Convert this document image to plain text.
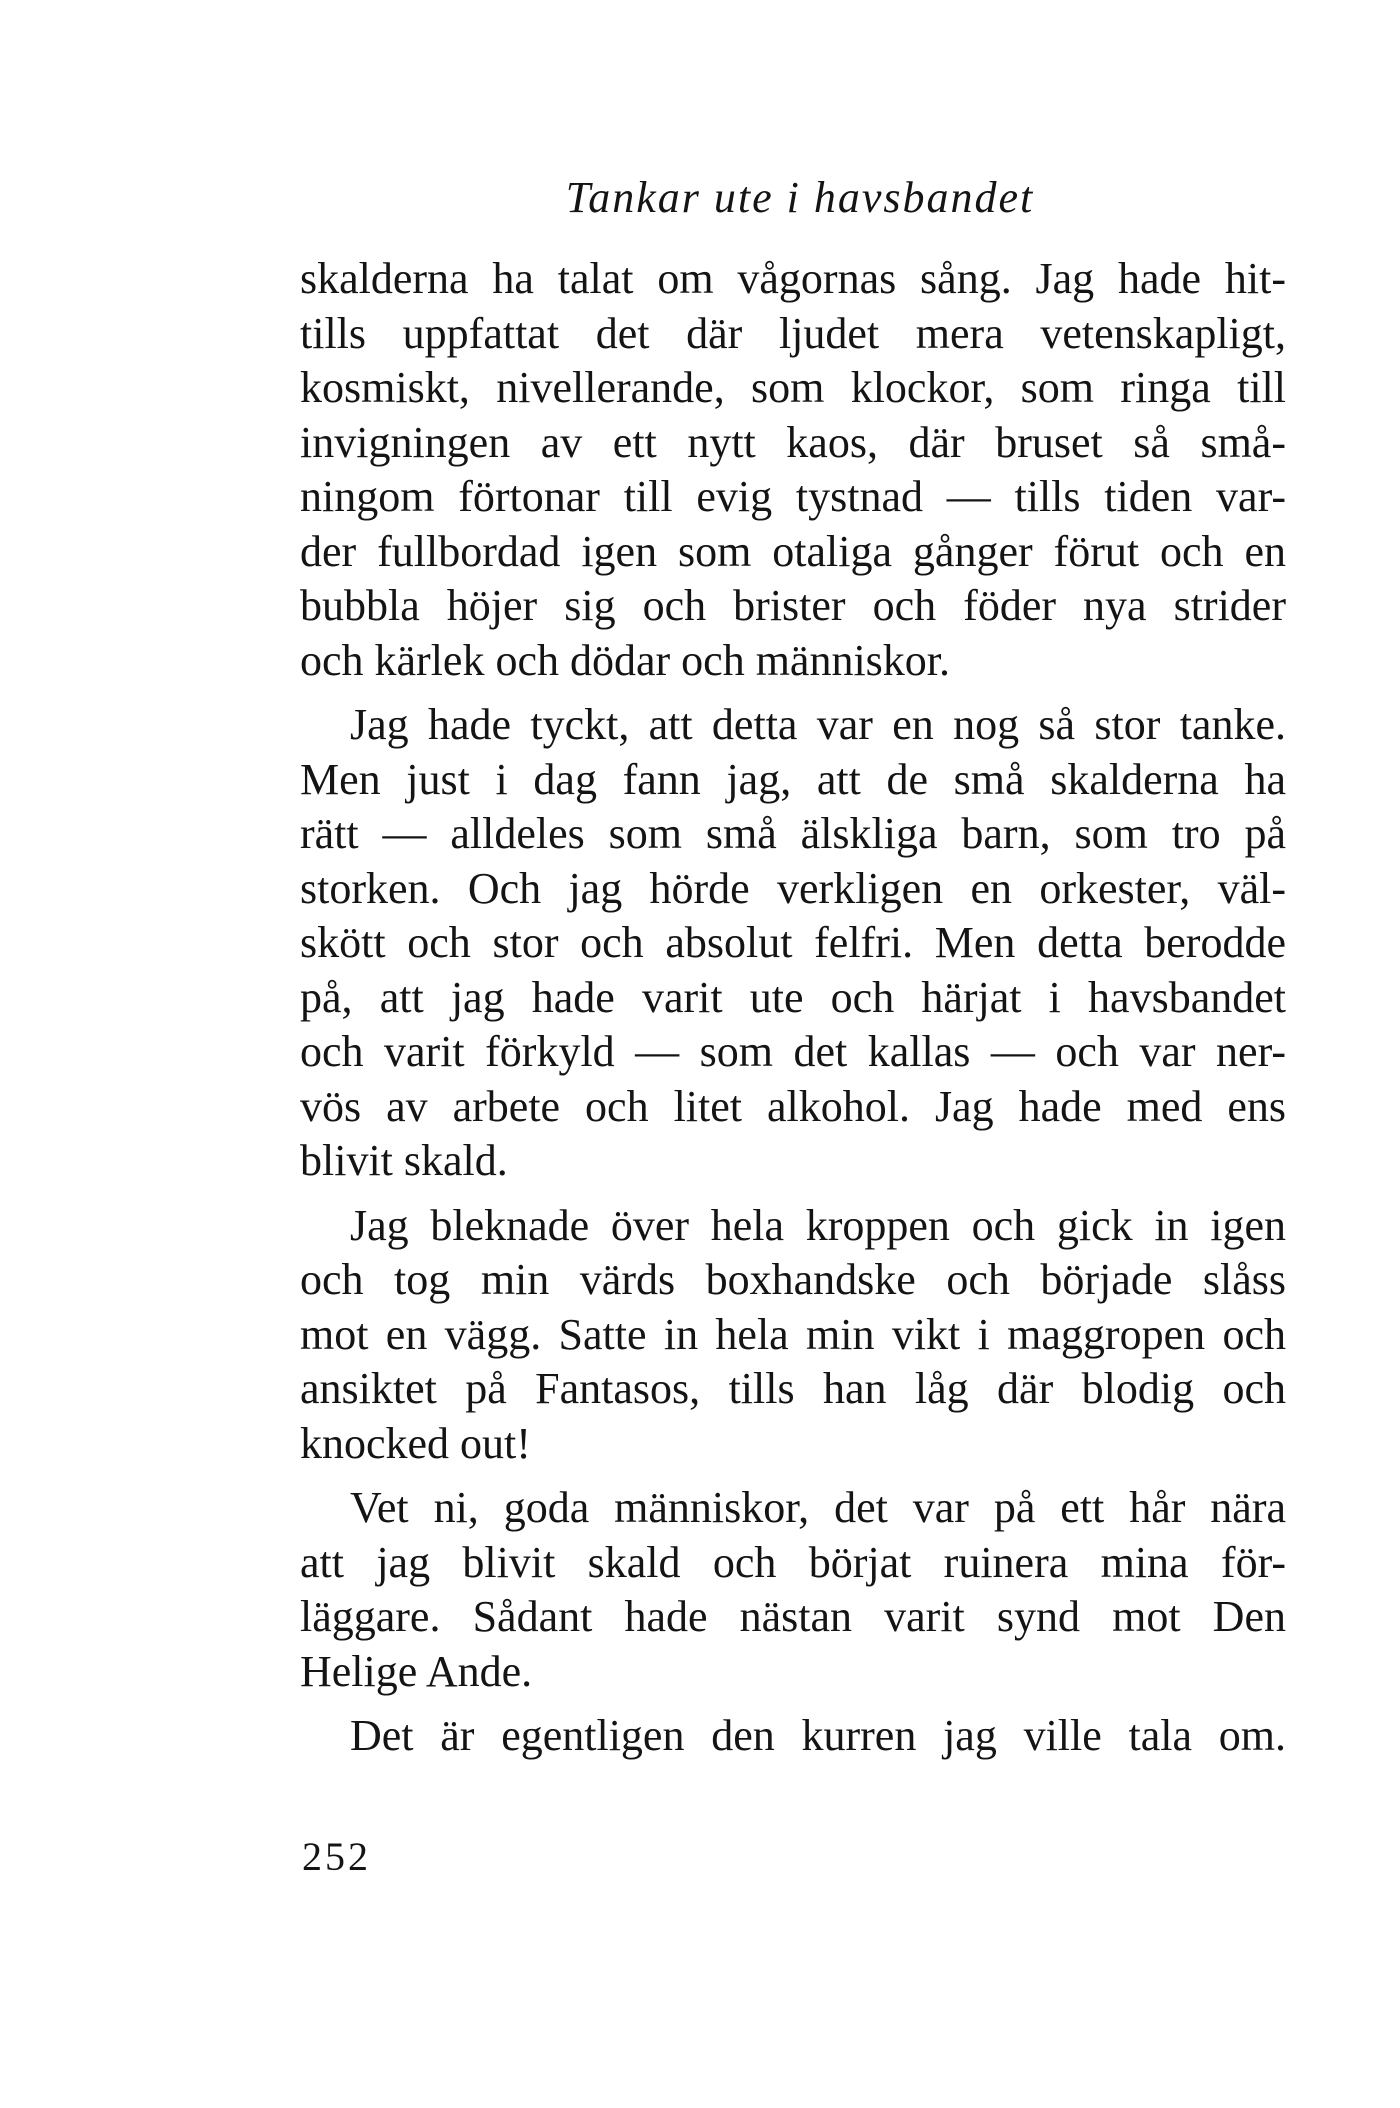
Tankar ute i havsbandet
skalderna ha talat om vågornas sång. Jag hade hit-
tills uppfattat det där ljudet mera vetenskapligt,
kosmiskt, nivellerande, som klockor, som ringa till
invigningen av ett nytt kaos, där bruset så små-
ningom förtonar till evig tystnad — tills tiden var-
der fullbordad igen som otaliga gånger förut och en
bubbla höjer sig och brister och föder nya strider
och kärlek och dödar och människor.
Jag hade tyckt, att detta var en nog så stor tanke.
Men just i dag fann jag, att de små skalderna ha
rätt — alldeles som små älskliga barn, som tro på
storken. Och jag hörde verkligen en orkester, väl-
skött och stor och absolut felfri. Men detta berodde
på, att jag hade varit ute och härjat i havsbandet
och varit förkyld — som det kallas — och var ner-
vös av arbete och litet alkohol. Jag hade med ens
blivit skald.
Jag bleknade över hela kroppen och gick in igen
och tog min värds boxhandske och började slåss
mot en vägg. Satte in hela min vikt i maggropen och
ansiktet på Fantasos, tills han låg där blodig och
knocked out!
Vet ni, goda människor, det var på ett hår nära
att jag blivit skald och börjat ruinera mina för-
läggare. Sådant hade nästan varit synd mot Den
Helige Ande.
Det är egentligen den kurren jag ville tala om.
252
